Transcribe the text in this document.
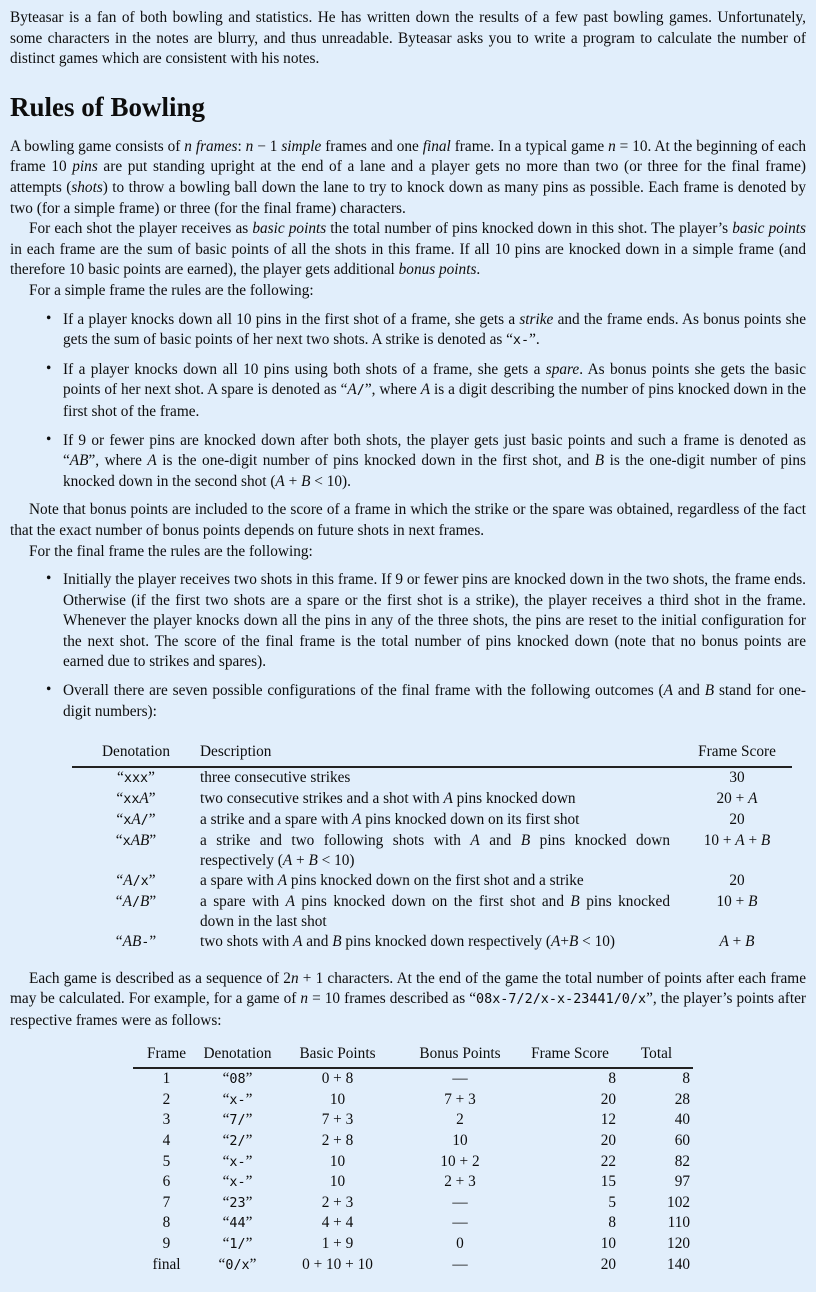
Byteasar is a fan of both bowling and statistics. He has written down the results of a few past bowling games. Unfortunately, some characters in the notes are blurry, and thus unreadable. Byteasar asks you to write a program to calculate the number of distinct games which are consistent with his notes.

Rules of Bowling

A bowling game consists of n frames: n − 1 simple frames and one final frame. In a typical game n = 10. At the beginning of each frame 10 pins are put standing upright at the end of a lane and a player gets no more than two (or three for the final frame) attempts (shots) to throw a bowling ball down the lane to try to knock down as many pins as possible. Each frame is denoted by two (for a simple frame) or three (for the final frame) characters.

For each shot the player receives as basic points the total number of pins knocked down in this shot. The player’s basic points in each frame are the sum of basic points of all the shots in this frame. If all 10 pins are knocked down in a simple frame (and therefore 10 basic points are earned), the player gets additional bonus points.

For a simple frame the rules are the following:

• If a player knocks down all 10 pins in the first shot of a frame, she gets a strike and the frame ends. As bonus points she gets the sum of basic points of her next two shots. A strike is denoted as “x-”.
• If a player knocks down all 10 pins using both shots of a frame, she gets a spare. As bonus points she gets the basic points of her next shot. A spare is denoted as “A/”, where A is a digit describing the number of pins knocked down in the first shot of the frame.
• If 9 or fewer pins are knocked down after both shots, the player gets just basic points and such a frame is denoted as “AB”, where A is the one-digit number of pins knocked down in the first shot, and B is the one-digit number of pins knocked down in the second shot (A + B < 10).

Note that bonus points are included to the score of a frame in which the strike or the spare was obtained, regardless of the fact that the exact number of bonus points depends on future shots in next frames.

For the final frame the rules are the following:

• Initially the player receives two shots in this frame. If 9 or fewer pins are knocked down in the two shots, the frame ends. Otherwise (if the first two shots are a spare or the first shot is a strike), the player receives a third shot in the frame. Whenever the player knocks down all the pins in any of the three shots, the pins are reset to the initial configuration for the next shot. The score of the final frame is the total number of pins knocked down (note that no bonus points are earned due to strikes and spares).
• Overall there are seven possible configurations of the final frame with the following outcomes (A and B stand for one-digit numbers):
Denotation	Description	Frame Score
“xxx”	three consecutive strikes	30
“xxA”	two consecutive strikes and a shot with A pins knocked down	20 + A
“xA/”	a strike and a spare with A pins knocked down on its first shot	20
“xAB”	a strike and two following shots with A and B pins knocked down respectively (A + B < 10)	10 + A + B
“A/x”	a spare with A pins knocked down on the first shot and a strike	20
“A/B”	a spare with A pins knocked down on the first shot and B pins knocked down in the last shot	10 + B
“AB-”	two shots with A and B pins knocked down respectively (A+B < 10)	A + B

Each game is described as a sequence of 2n + 1 characters. At the end of the game the total number of points after each frame may be calculated. For example, for a game of n = 10 frames described as “08x-7/2/x-x-23441/0/x”, the player’s points after respective frames were as follows:

Frame	Denotation	Basic Points	Bonus Points	Frame Score	Total
1	“08”	0 + 8	—	8	8
2	“x-”	10	7 + 3	20	28
3	“7/”	7 + 3	2	12	40
4	“2/”	2 + 8	10	20	60
5	“x-”	10	10 + 2	22	82
6	“x-”	10	2 + 3	15	97
7	“23”	2 + 3	—	5	102
8	“44”	4 + 4	—	8	110
9	“1/”	1 + 9	0	10	120
final	“0/x”	0 + 10 + 10	—	20	140
